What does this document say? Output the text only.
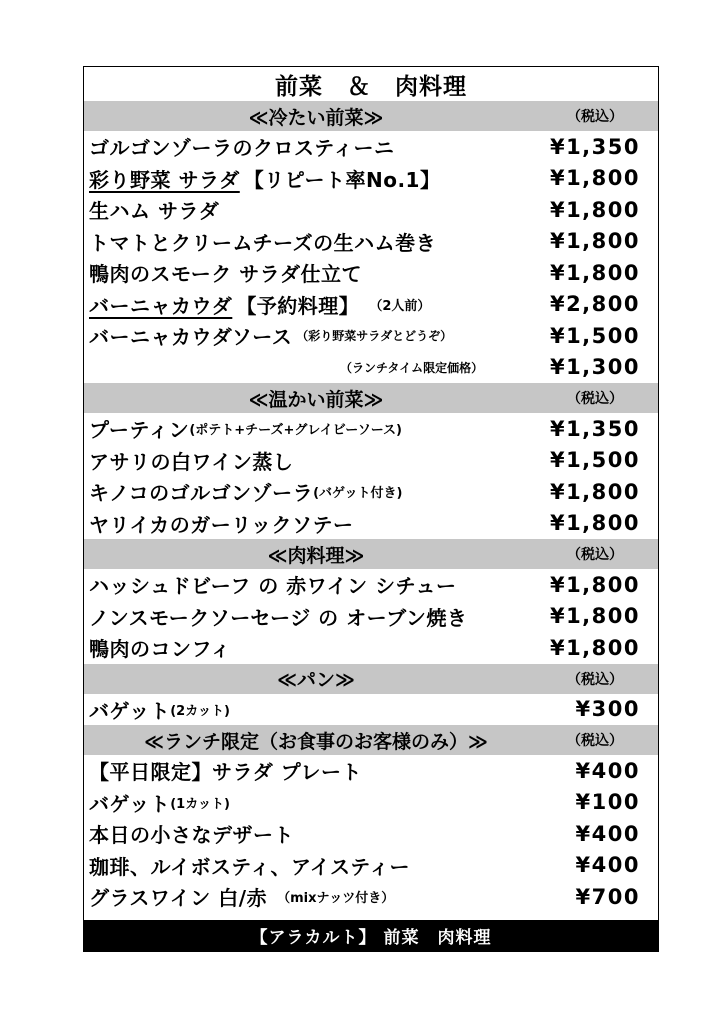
前菜　＆　肉料理
≪冷たい前菜≫	（税込）
ゴルゴンゾーラのクロスティーニ	¥1,350
彩り野菜 サラダ 【リピート率No.1】	¥1,800
生ハム サラダ	¥1,800
トマトとクリームチーズの生ハム巻き	¥1,800
鴨肉のスモーク サラダ仕立て	¥1,800
バーニャカウダ 【予約料理】 （2人前）	¥2,800
バーニャカウダソース （彩り野菜サラダとどうぞ）	¥1,500
（ランチタイム限定価格）	¥1,300
≪温かい前菜≫	（税込）
プーティン (ポテト+チーズ+グレイビーソース)	¥1,350
アサリの白ワイン蒸し	¥1,500
キノコのゴルゴンゾーラ (バゲット付き)	¥1,800
ヤリイカのガーリックソテー	¥1,800
≪肉料理≫	（税込）
ハッシュドビーフ の 赤ワイン シチュー	¥1,800
ノンスモークソーセージ の オーブン焼き	¥1,800
鴨肉のコンフィ	¥1,800
≪パン≫	（税込）
バゲット (2カット)	¥300
≪ランチ限定（お食事のお客様のみ）≫	（税込）
【平日限定】サラダ プレート	¥400
バゲット (1カット)	¥100
本日の小さなデザート	¥400
珈琲、ルイボスティ、アイスティー	¥400
グラスワイン 白/赤 （mixナッツ付き）	¥700
【アラカルト】 前菜　肉料理
